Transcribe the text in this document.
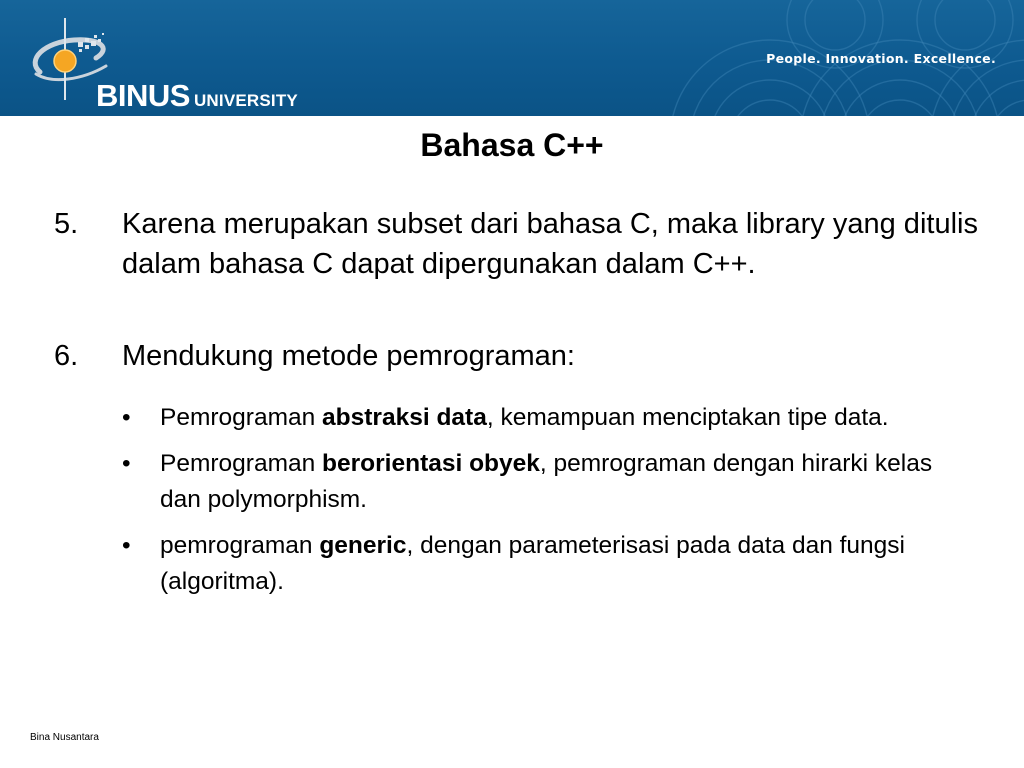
BINUS UNIVERSITY
People. Innovation. Excellence.
Bahasa C++
5. Karena merupakan subset dari bahasa C, maka library yang ditulis dalam bahasa C dapat dipergunakan dalam C++.
6. Mendukung metode pemrograman:
• Pemrograman abstraksi data, kemampuan menciptakan tipe data.
• Pemrograman berorientasi obyek, pemrograman dengan hirarki kelas dan polymorphism.
• pemrograman generic, dengan parameterisasi pada data dan fungsi (algoritma).
Bina Nusantara
